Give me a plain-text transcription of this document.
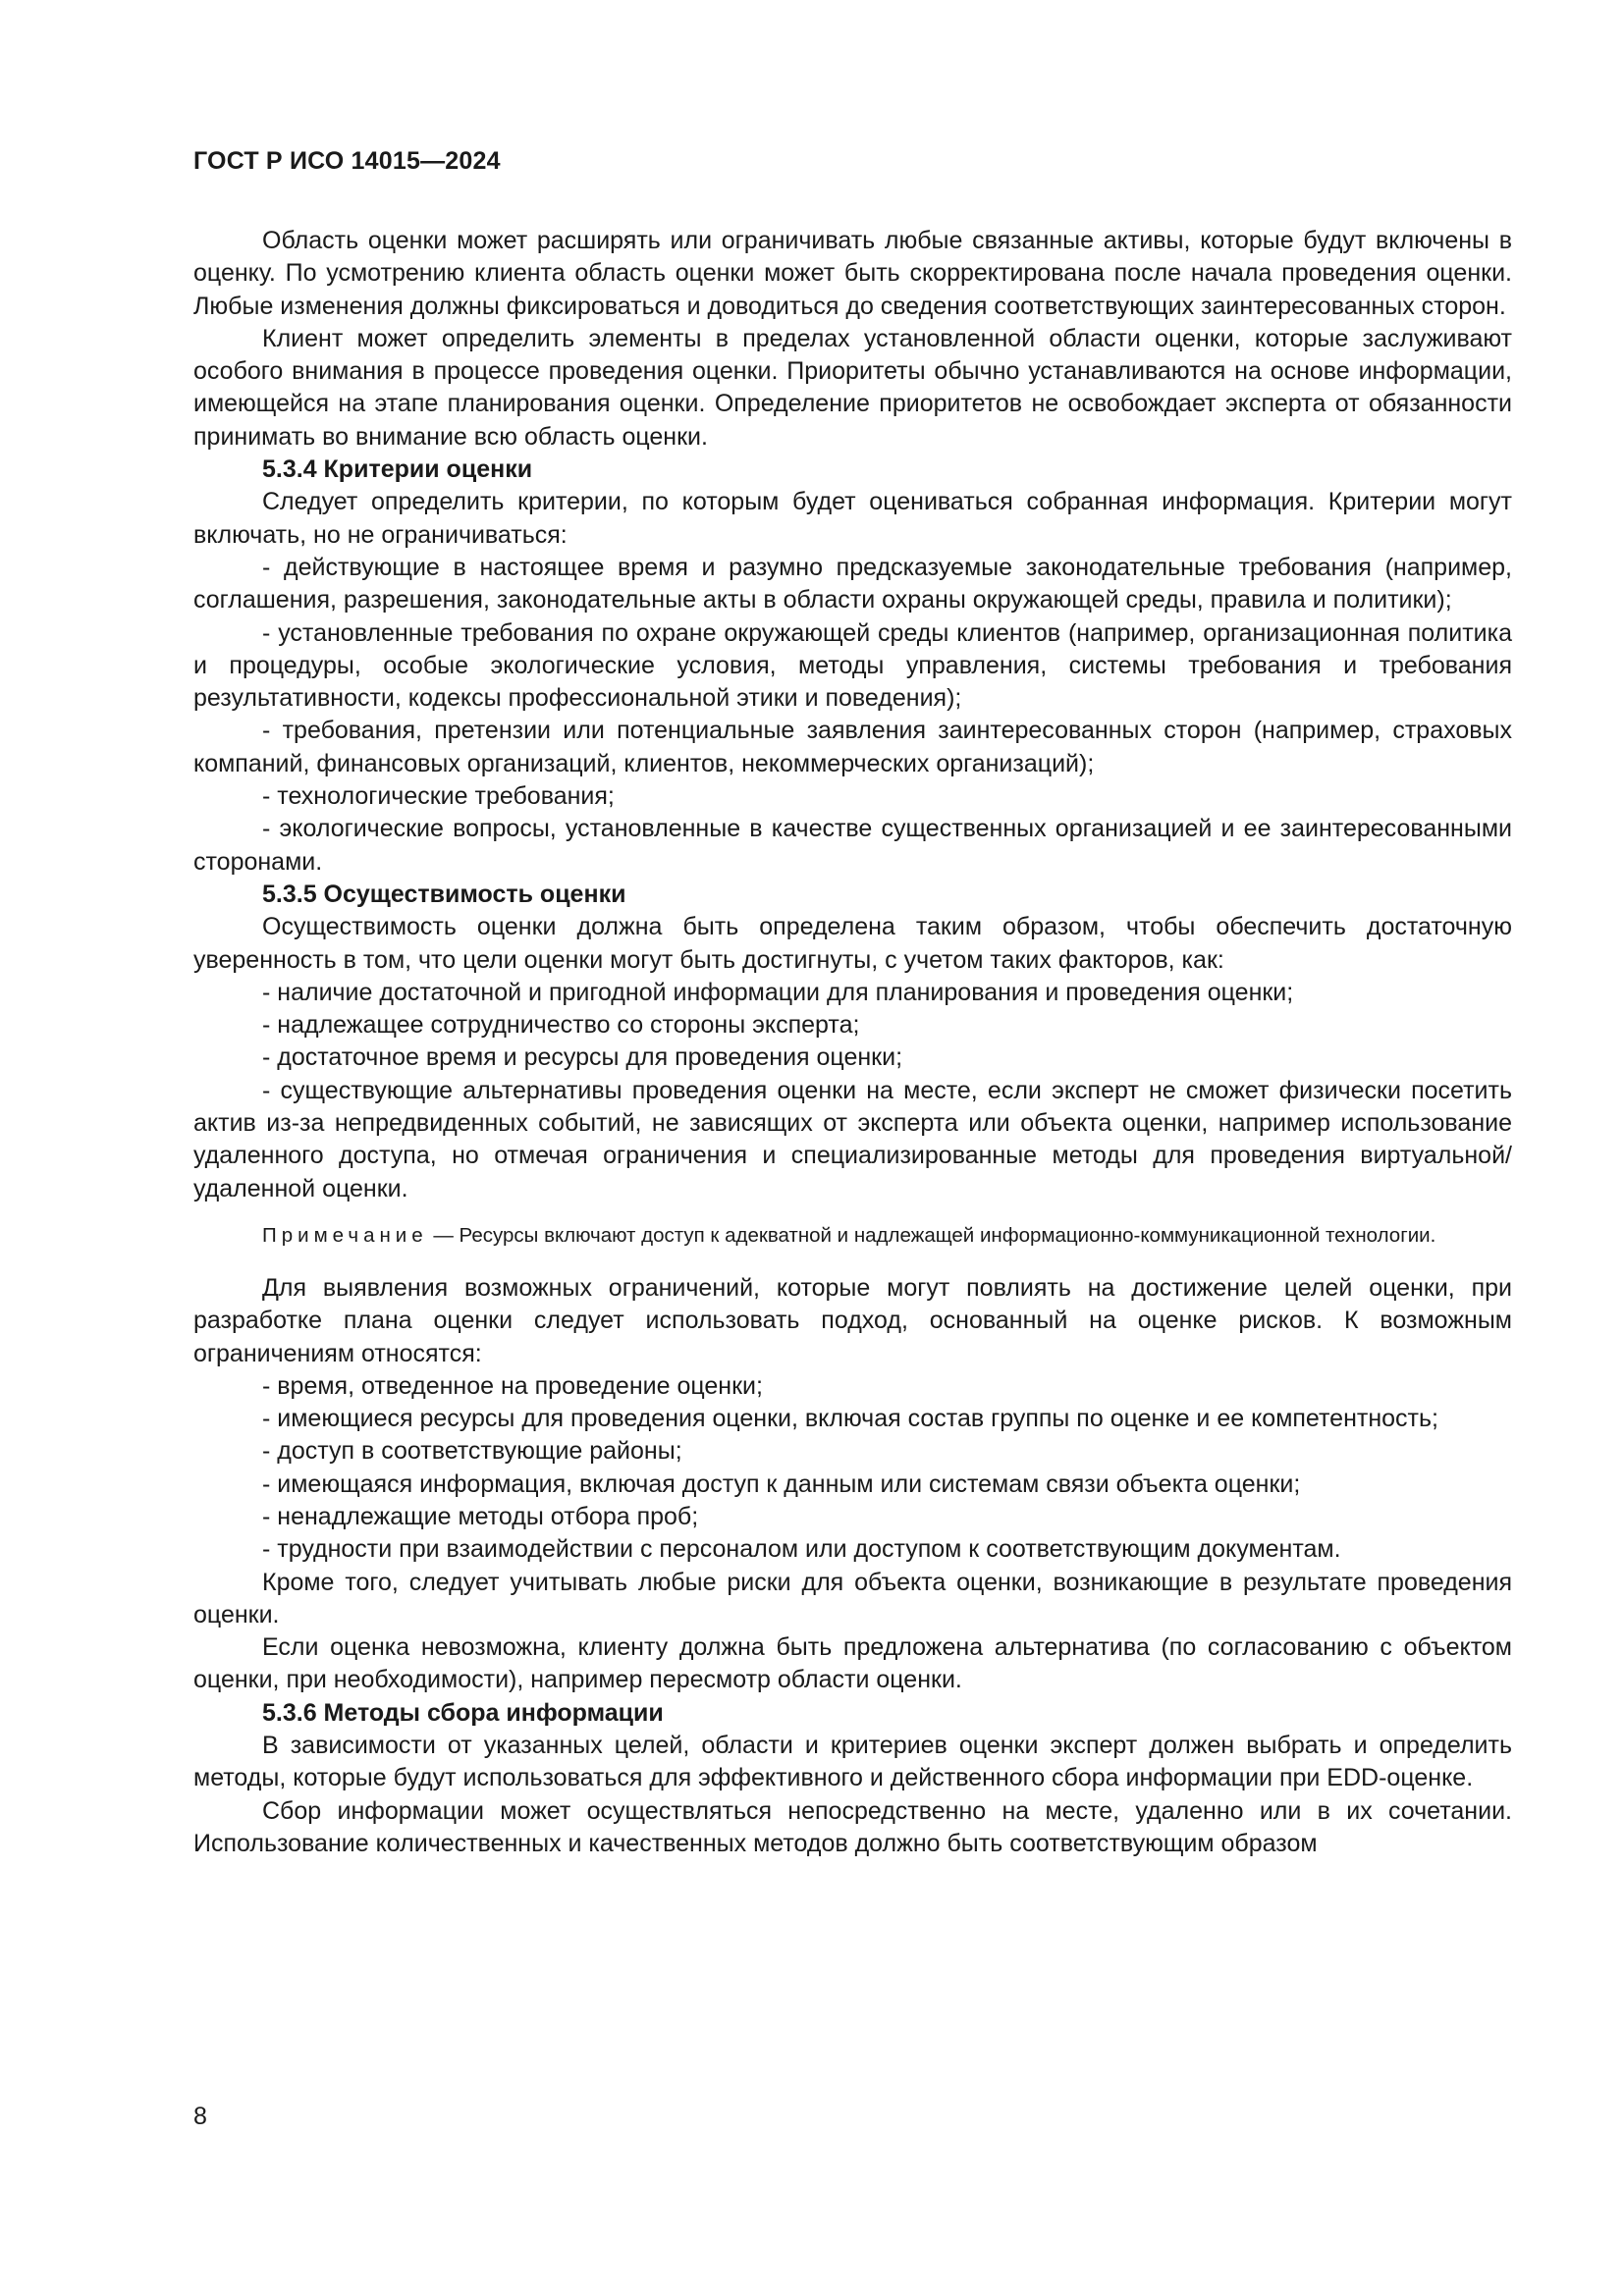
ГОСТ Р ИСО 14015—2024

Область оценки может расширять или ограничивать любые связанные активы, которые будут включены в оценку. По усмотрению клиента область оценки может быть скорректирована после начала проведения оценки. Любые изменения должны фиксироваться и доводиться до сведения соответствующих заинтересованных сторон.

Клиент может определить элементы в пределах установленной области оценки, которые заслуживают особого внимания в процессе проведения оценки. Приоритеты обычно устанавливаются на основе информации, имеющейся на этапе планирования оценки. Определение приоритетов не освобождает эксперта от обязанности принимать во внимание всю область оценки.

5.3.4 Критерии оценки

Следует определить критерии, по которым будет оцениваться собранная информация. Критерии могут включать, но не ограничиваться:

- действующие в настоящее время и разумно предсказуемые законодательные требования (например, соглашения, разрешения, законодательные акты в области охраны окружающей среды, правила и политики);

- установленные требования по охране окружающей среды клиентов (например, организационная политика и процедуры, особые экологические условия, методы управления, системы требования и требования результативности, кодексы профессиональной этики и поведения);

- требования, претензии или потенциальные заявления заинтересованных сторон (например, страховых компаний, финансовых организаций, клиентов, некоммерческих организаций);

- технологические требования;

- экологические вопросы, установленные в качестве существенных организацией и ее заинтересованными сторонами.

5.3.5 Осуществимость оценки

Осуществимость оценки должна быть определена таким образом, чтобы обеспечить достаточную уверенность в том, что цели оценки могут быть достигнуты, с учетом таких факторов, как:

- наличие достаточной и пригодной информации для планирования и проведения оценки;

- надлежащее сотрудничество со стороны эксперта;

- достаточное время и ресурсы для проведения оценки;

- существующие альтернативы проведения оценки на месте, если эксперт не сможет физически посетить актив из-за непредвиденных событий, не зависящих от эксперта или объекта оценки, например использование удаленного доступа, но отмечая ограничения и специализированные методы для проведения виртуальной/удаленной оценки.

Примечание — Ресурсы включают доступ к адекватной и надлежащей информационно-коммуникационной технологии.

Для выявления возможных ограничений, которые могут повлиять на достижение целей оценки, при разработке плана оценки следует использовать подход, основанный на оценке рисков. К возможным ограничениям относятся:

- время, отведенное на проведение оценки;

- имеющиеся ресурсы для проведения оценки, включая состав группы по оценке и ее компетентность;

- доступ в соответствующие районы;

- имеющаяся информация, включая доступ к данным или системам связи объекта оценки;

- ненадлежащие методы отбора проб;

- трудности при взаимодействии с персоналом или доступом к соответствующим документам.

Кроме того, следует учитывать любые риски для объекта оценки, возникающие в результате проведения оценки.

Если оценка невозможна, клиенту должна быть предложена альтернатива (по согласованию с объектом оценки, при необходимости), например пересмотр области оценки.

5.3.6 Методы сбора информации

В зависимости от указанных целей, области и критериев оценки эксперт должен выбрать и определить методы, которые будут использоваться для эффективного и действенного сбора информации при EDD-оценке.

Сбор информации может осуществляться непосредственно на месте, удаленно или в их сочетании. Использование количественных и качественных методов должно быть соответствующим образом

8
